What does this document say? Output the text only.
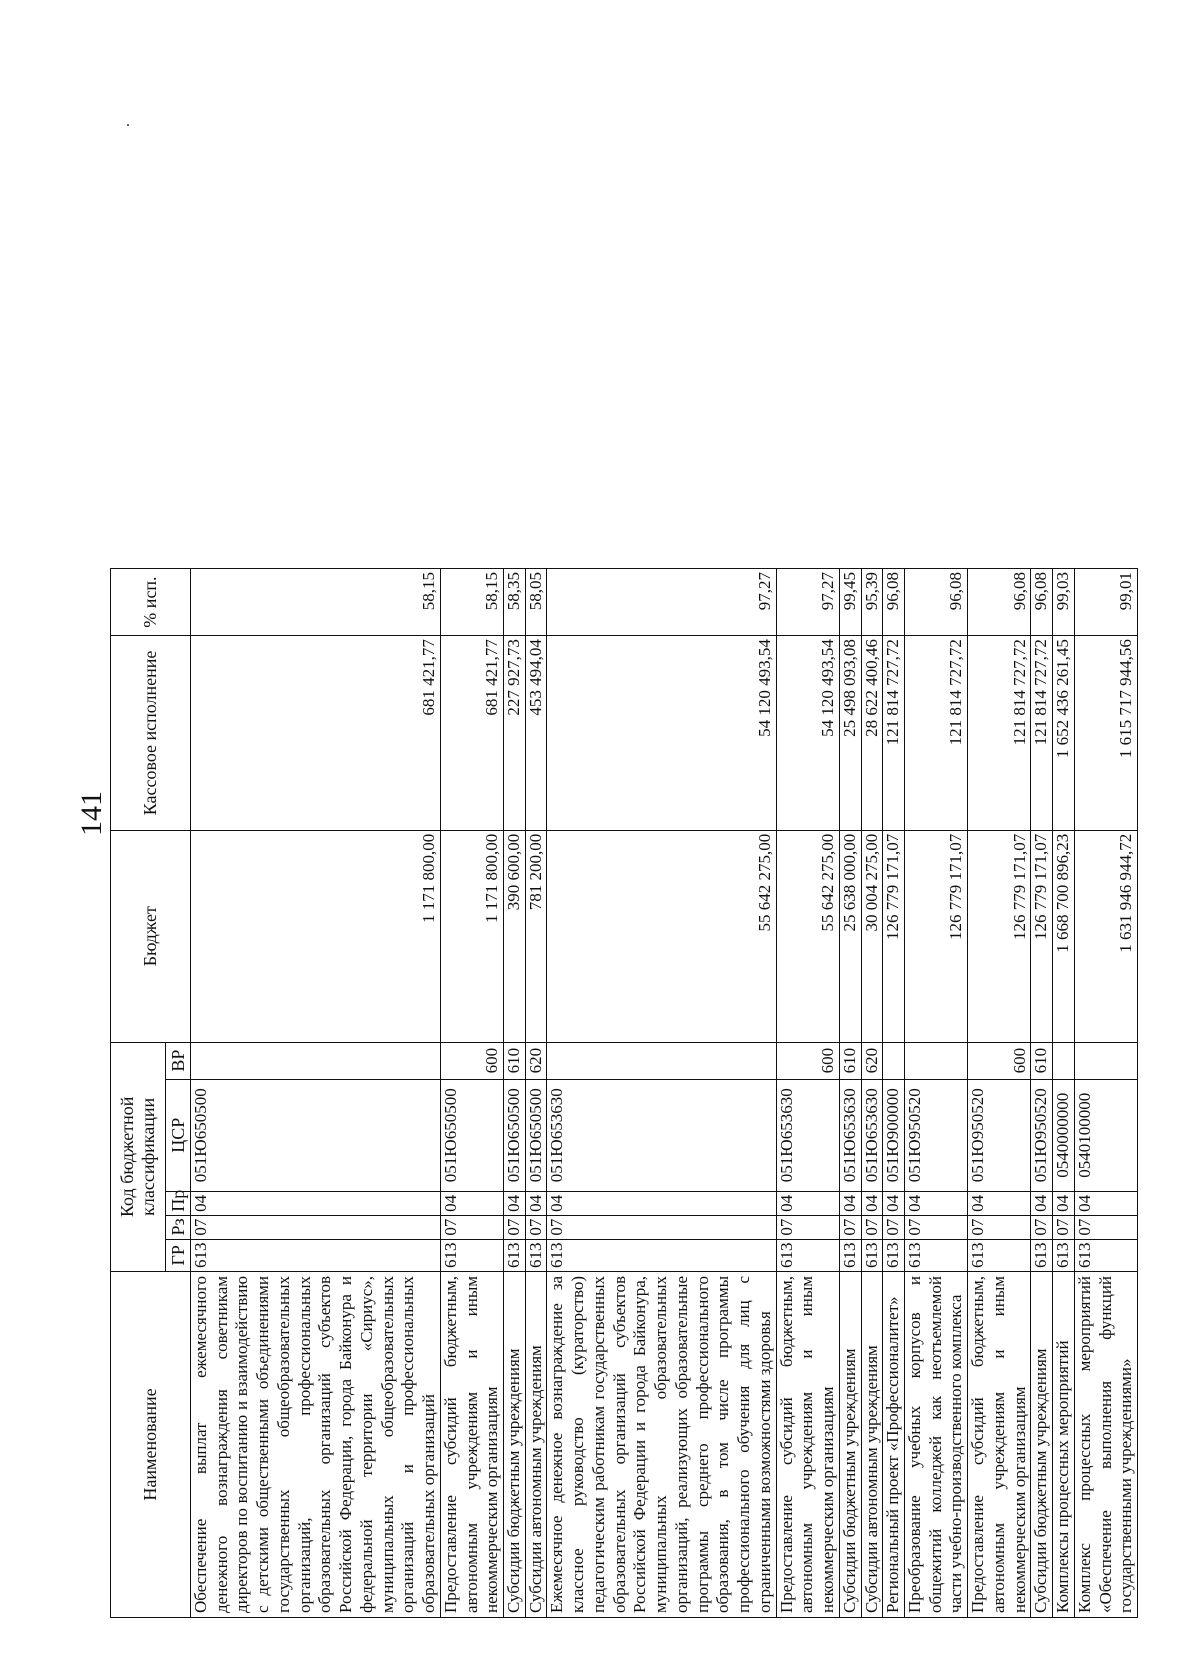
141
Наименование	Код бюджетной классификации					Бюджет	Кассовое исполнение	% исп.
	ГР	Рз	Пр	ЦСР	ВР			
Обеспечение выплат ежемесячного денежного вознаграждения советникам директоров по воспитанию и взаимодействию с детскими общественными объединениями государственных общеобразовательных организаций, профессиональных образовательных организаций субъектов Российской Федерации, города Байконура и федеральной территории «Сириус», муниципальных общеобразовательных организаций и профессиональных образовательных организаций	613	07	04	051Ю650500		1 171 800,00	681 421,77	58,15
Предоставление субсидий бюджетным, автономным учреждениям и иным некоммерческим организациям	613	07	04	051Ю650500	600	1 171 800,00	681 421,77	58,15
Субсидии бюджетным учреждениям	613	07	04	051Ю650500	610	390 600,00	227 927,73	58,35
Субсидии автономным учреждениям	613	07	04	051Ю650500	620	781 200,00	453 494,04	58,05
Ежемесячное денежное вознаграждение за классное руководство (кураторство) педагогическим работникам государственных образовательных организаций субъектов Российской Федерации и города Байконура, муниципальных образовательных организаций, реализующих образовательные программы среднего профессионального образования, в том числе программы профессионального обучения для лиц с ограниченными возможностями здоровья	613	07	04	051Ю653630		55 642 275,00	54 120 493,54	97,27
Предоставление субсидий бюджетным, автономным учреждениям и иным некоммерческим организациям	613	07	04	051Ю653630	600	55 642 275,00	54 120 493,54	97,27
Субсидии бюджетным учреждениям	613	07	04	051Ю653630	610	25 638 000,00	25 498 093,08	99,45
Субсидии автономным учреждениям	613	07	04	051Ю653630	620	30 004 275,00	28 622 400,46	95,39
Региональный проект «Профессионалитет»	613	07	04	051Ю900000		126 779 171,07	121 814 727,72	96,08
Преобразование учебных корпусов и общежитий колледжей как неотъемлемой части учебно-производственного комплекса	613	07	04	051Ю950520		126 779 171,07	121 814 727,72	96,08
Предоставление субсидий бюджетным, автономным учреждениям и иным некоммерческим организациям	613	07	04	051Ю950520	600	126 779 171,07	121 814 727,72	96,08
Субсидии бюджетным учреждениям	613	07	04	051Ю950520	610	126 779 171,07	121 814 727,72	96,08
Комплексы процессных мероприятий	613	07	04	0540000000		1 668 700 896,23	1 652 436 261,45	99,03
Комплекс процессных мероприятий «Обеспечение выполнения функций государственными учреждениями»	613	07	04	0540100000		1 631 946 944,72	1 615 717 944,56	99,01
